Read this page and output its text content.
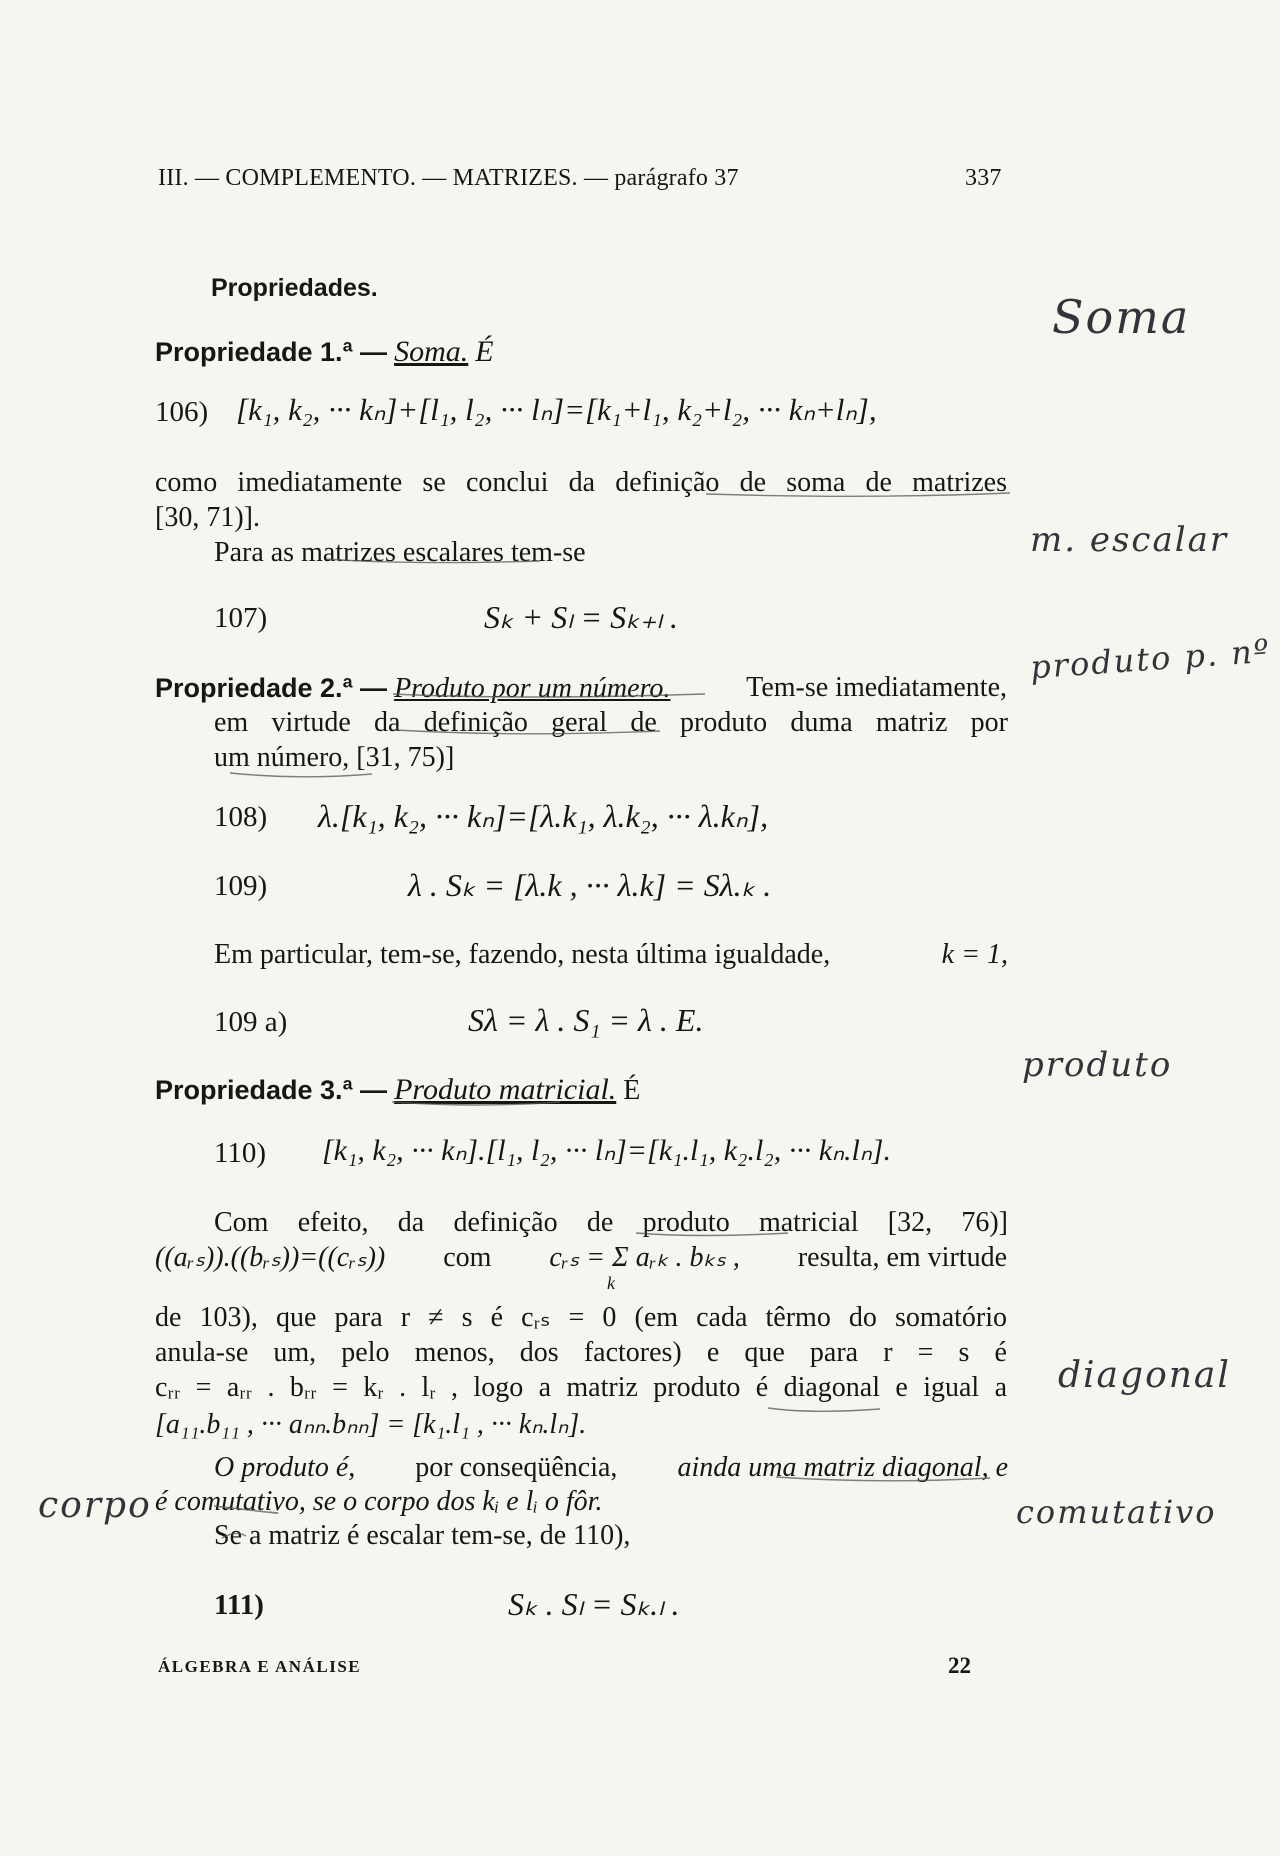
III. — COMPLEMENTO. — MATRIZES. — parágrafo 37	337
Propriedades.
Propriedade 1.ª — Soma. É
106) [k₁, k₂, ··· kₙ]+[l₁, l₂, ··· lₙ]=[k₁+l₁, k₂+l₂, ··· kₙ+lₙ],
como imediatamente se conclui da definição de soma de matrizes
[30, 71)].
Para as matrizes escalares tem-se
107)	Sₖ + Sₗ = Sₖ₊ₗ .
Propriedade 2.ª — Produto por um número.	Tem-se imediatamente,
em virtude da definição geral de produto duma matriz por
um número, [31, 75)]
108) λ.[k₁, k₂, ··· kₙ]=[λ.k₁, λ.k₂, ··· λ.kₙ],
109)	λ . Sₖ = [λ.k , ··· λ.k] = Sλ.ₖ .
Em particular, tem-se, fazendo, nesta última igualdade,	k = 1,
109 a)	Sλ = λ . S₁ = λ . E.
Propriedade 3.ª — Produto matricial. É
110) [k₁, k₂, ··· kₙ].[l₁, l₂, ··· lₙ]=[k₁.l₁, k₂.l₂, ··· kₙ.lₙ].
Com efeito, da definição de produto matricial [32, 76)]
((aᵣₛ)).((bᵣₛ))=((cᵣₛ)) com cᵣₛ = Σ aᵣₖ . bₖₛ , resulta, em virtude
k
de 103), que para r ≠ s é cᵣₛ = 0 (em cada têrmo do somatório
anula-se um, pelo menos, dos factores) e que para r = s é
cᵣᵣ = aᵣᵣ . bᵣᵣ = kᵣ . lᵣ , logo a matriz produto é diagonal e igual a
[a₁₁.b₁₁ , ··· aₙₙ.bₙₙ] = [k₁.l₁ , ··· kₙ.lₙ].
O produto é, por conseqüência, ainda uma matriz diagonal, e
é comutativo, se o corpo dos kᵢ e lᵢ o fôr.
Se a matriz é escalar tem-se, de 110),
111)	Sₖ . Sₗ = Sₖ.ₗ .
ÁLGEBRA E ANÁLISE	22
Soma
m. escalar
produto p. nº
produto
diagonal
corpo	comutativo
